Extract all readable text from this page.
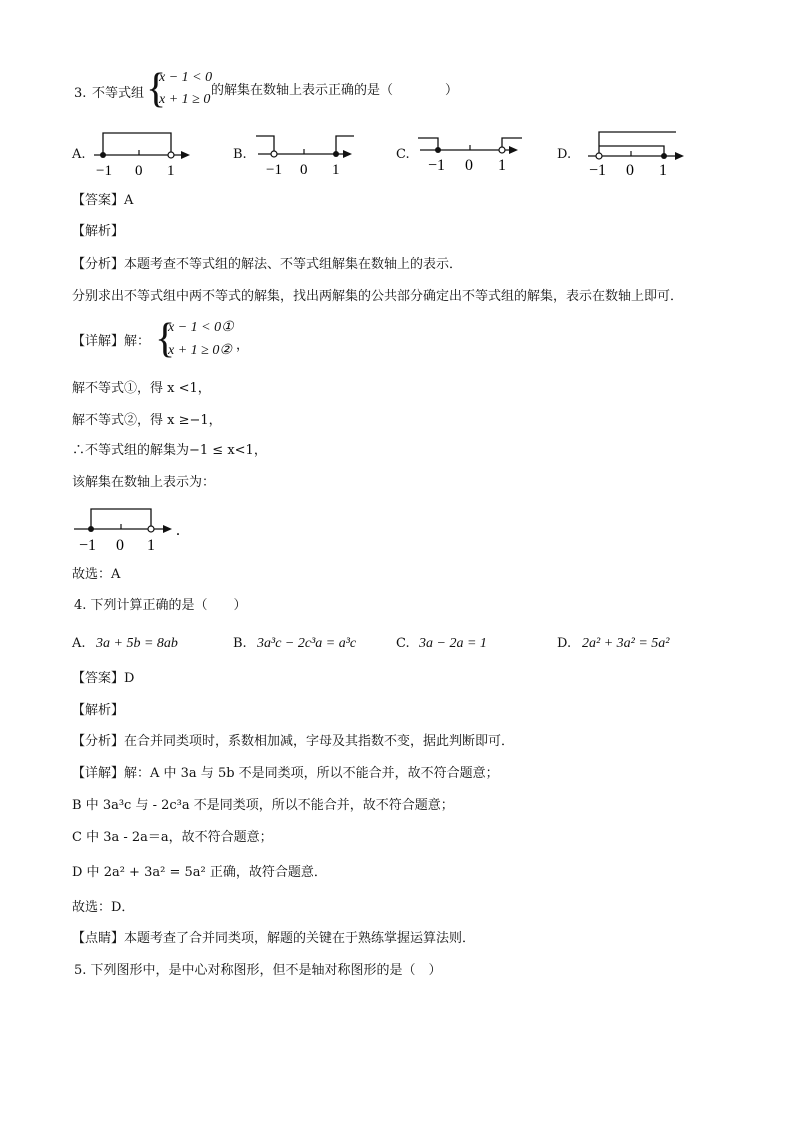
3. 不等式组 {
x − 1 < 0
x + 1 ≥ 0
的解集在数轴上表示正确的是（　　　　）
A.	B.	C.	D.
−1 0 1	−1 0 1	−1 0 1	−1 0 1
【答案】A
【解析】
【分析】本题考查不等式组的解法、不等式组解集在数轴上的表示．
分别求出不等式组中两不等式的解集，找出两解集的公共部分确定出不等式组的解集，表示在数轴上即可．
【详解】解： {
x − 1 < 0①
x + 1 ≥ 0② ，
解不等式①，得 x <1，
解不等式②，得 x ≥−1，
∴不等式组的解集为−1 ≤ x<1，
该解集在数轴上表示为：
−1 0 1
.
故选：A
4. 下列计算正确的是（　　）
A. 3a + 5b = 8ab	B. 3a³c − 2c³a = a³c	C. 3a − 2a = 1	D. 2a² + 3a² = 5a²
【答案】D
【解析】
【分析】在合并同类项时，系数相加减，字母及其指数不变，据此判断即可．
【详解】解：A 中 3a 与 5b 不是同类项，所以不能合并，故不符合题意；
B 中 3a³c 与 - 2c³a 不是同类项，所以不能合并，故不符合题意；
C 中 3a - 2a＝a，故不符合题意；
D 中 2a² + 3a² = 5a² 正确，故符合题意．
故选：D．
【点睛】本题考查了合并同类项，解题的关键在于熟练掌握运算法则．
5. 下列图形中，是中心对称图形，但不是轴对称图形的是（　）
